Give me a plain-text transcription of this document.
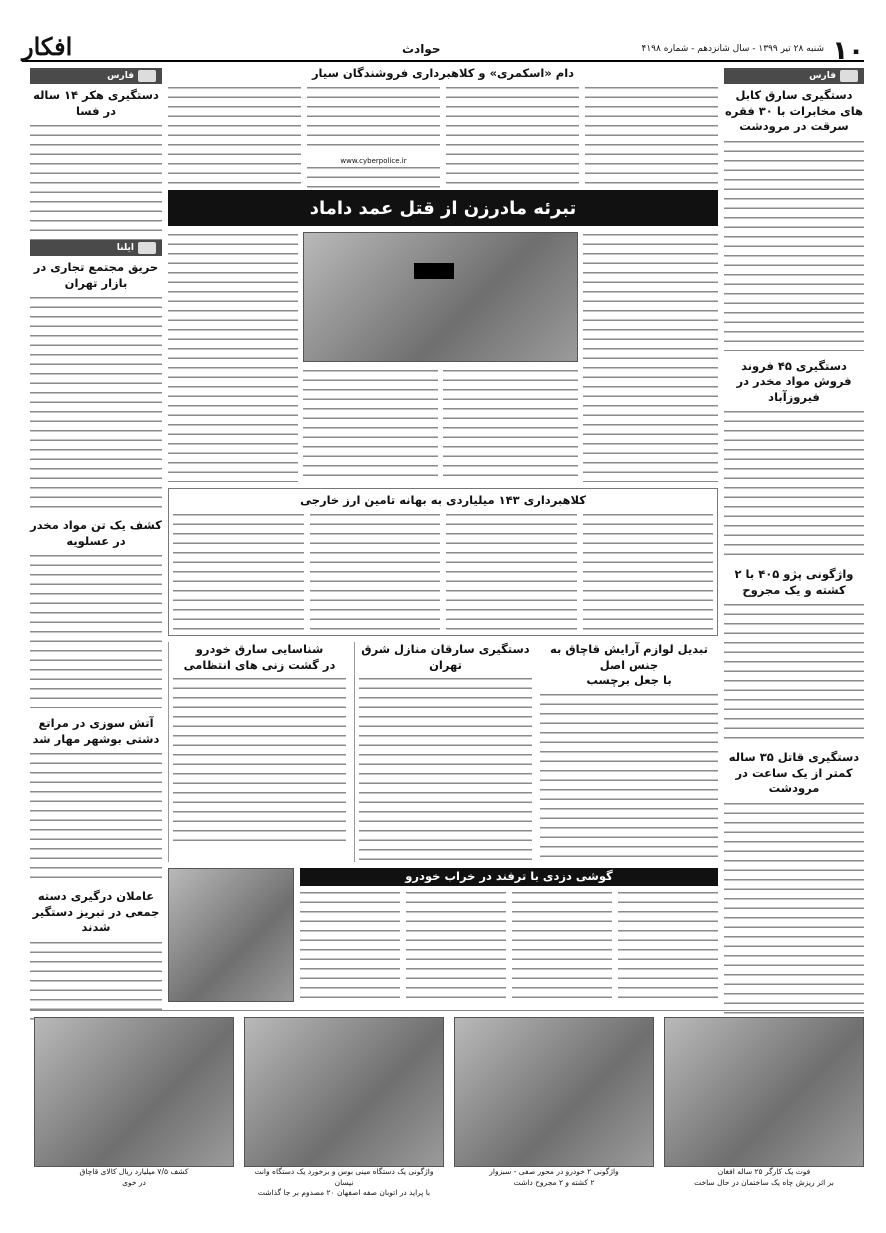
۱۰
شنبه ۲۸ تیر ۱۳۹۹ - سال شانزدهم - شماره ۴۱۹۸
حوادث
افکار
فارس
دستگیری سارق کابل های مخابرات با ۳۰ فقره سرقت در مرودشت
دستگیری ۴۵ فروند فروش مواد مخدر در فیروزآباد
واژگونی پژو ۴۰۵ با ۲ کشته و یک مجروح
دستگیری قاتل ۳۵ ساله کمتر از یک ساعت در مرودشت
فارس
دستگیری هکر ۱۴ ساله در فسا
ایلنا
حریق مجتمع تجاری در بازار تهران
کشف یک تن مواد مخدر در عسلویه
آتش سوزی در مراتع دشتی بوشهر مهار شد
عاملان درگیری دسته جمعی در تبریز دستگیر شدند
دام «اسکمری» و کلاهبرداری فروشندگان سیار
www.cyberpolice.ir
تبرئه مادرزن از قتل عمد داماد
کلاهبرداری ۱۴۳ میلیاردی به بهانه تامین ارز خارجی
تبدیل لوازم آرایش قاچاق به جنس اصل
با جعل برچسب
دستگیری سارقان منازل شرق تهران
شناسایی سارق خودرو
در گشت زنی های انتظامی
گوشی دزدی با ترفند در خراب خودرو
فوت یک کارگر ۲۵ ساله افغان
بر اثر ریزش چاه یک ساختمان در حال ساخت
واژگونی ۲ خودرو در محور صفی - سبزوار
۲ کشته و ۲ مجروح داشت
واژگونی یک دستگاه مینی بوس و برخورد یک دستگاه وانت نیسان
با پراید در اتوبان صفه اصفهان ۲۰ مصدوم بر جا گذاشت
کشف ۷/۵ میلیارد ریال کالای قاچاق
در خوی
